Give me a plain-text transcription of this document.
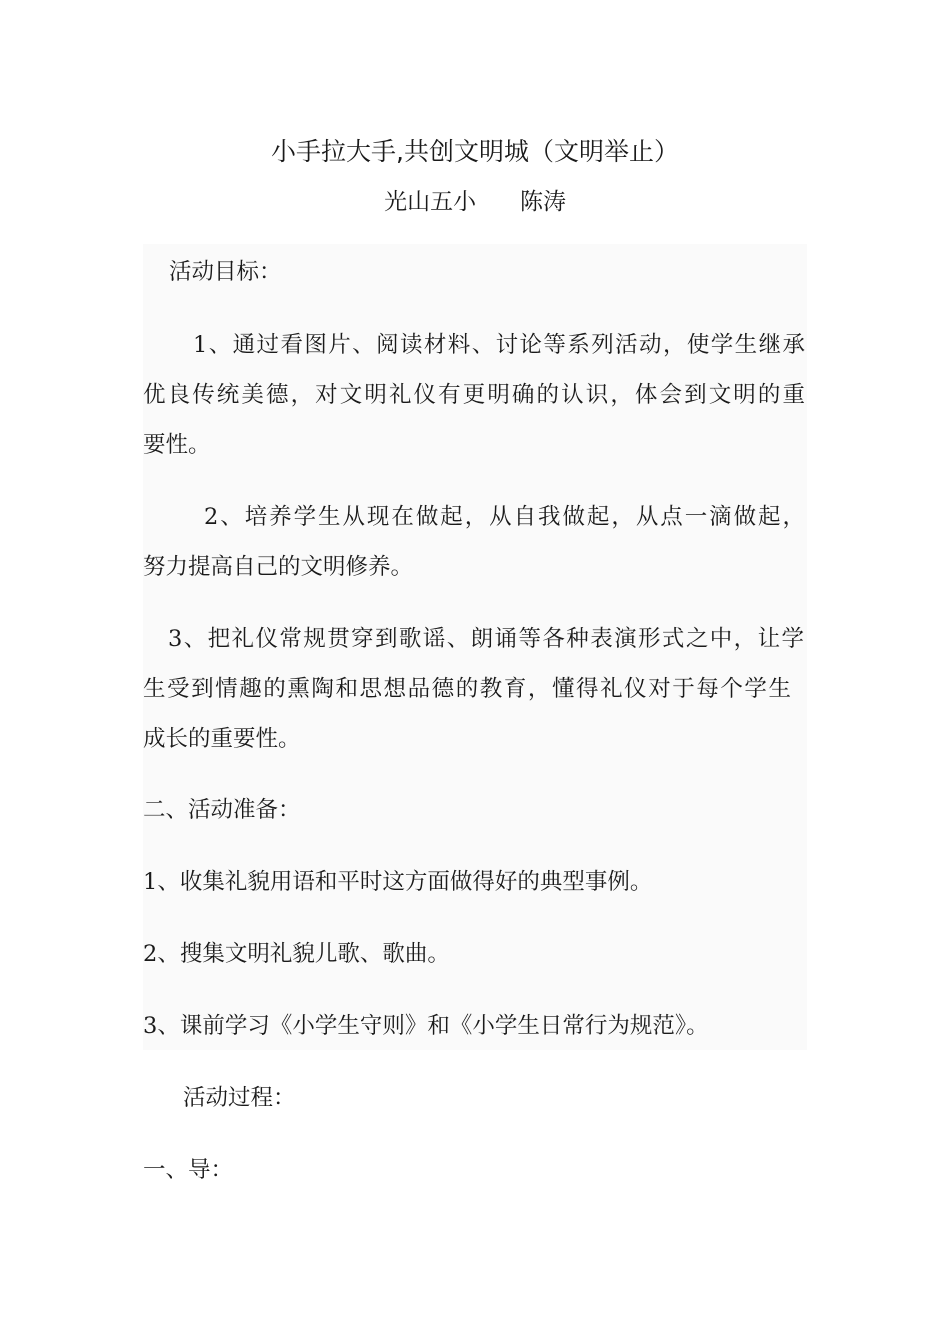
小手拉大手,共创文明城（文明举止）
光山五小 陈涛
活动目标：
1、通过看图片、阅读材料、讨论等系列活动，使学生继承
优良传统美德，对文明礼仪有更明确的认识，体会到文明的重
要性。
2、培养学生从现在做起，从自我做起，从点一滴做起，
努力提高自己的文明修养。
3、把礼仪常规贯穿到歌谣、朗诵等各种表演形式之中，让学
生受到情趣的熏陶和思想品德的教育，懂得礼仪对于每个学生
成长的重要性。
二、活动准备：
1、收集礼貌用语和平时这方面做得好的典型事例。
2、搜集文明礼貌儿歌、歌曲。
3、课前学习《小学生守则》和《小学生日常行为规范》。
活动过程：
一、导：
